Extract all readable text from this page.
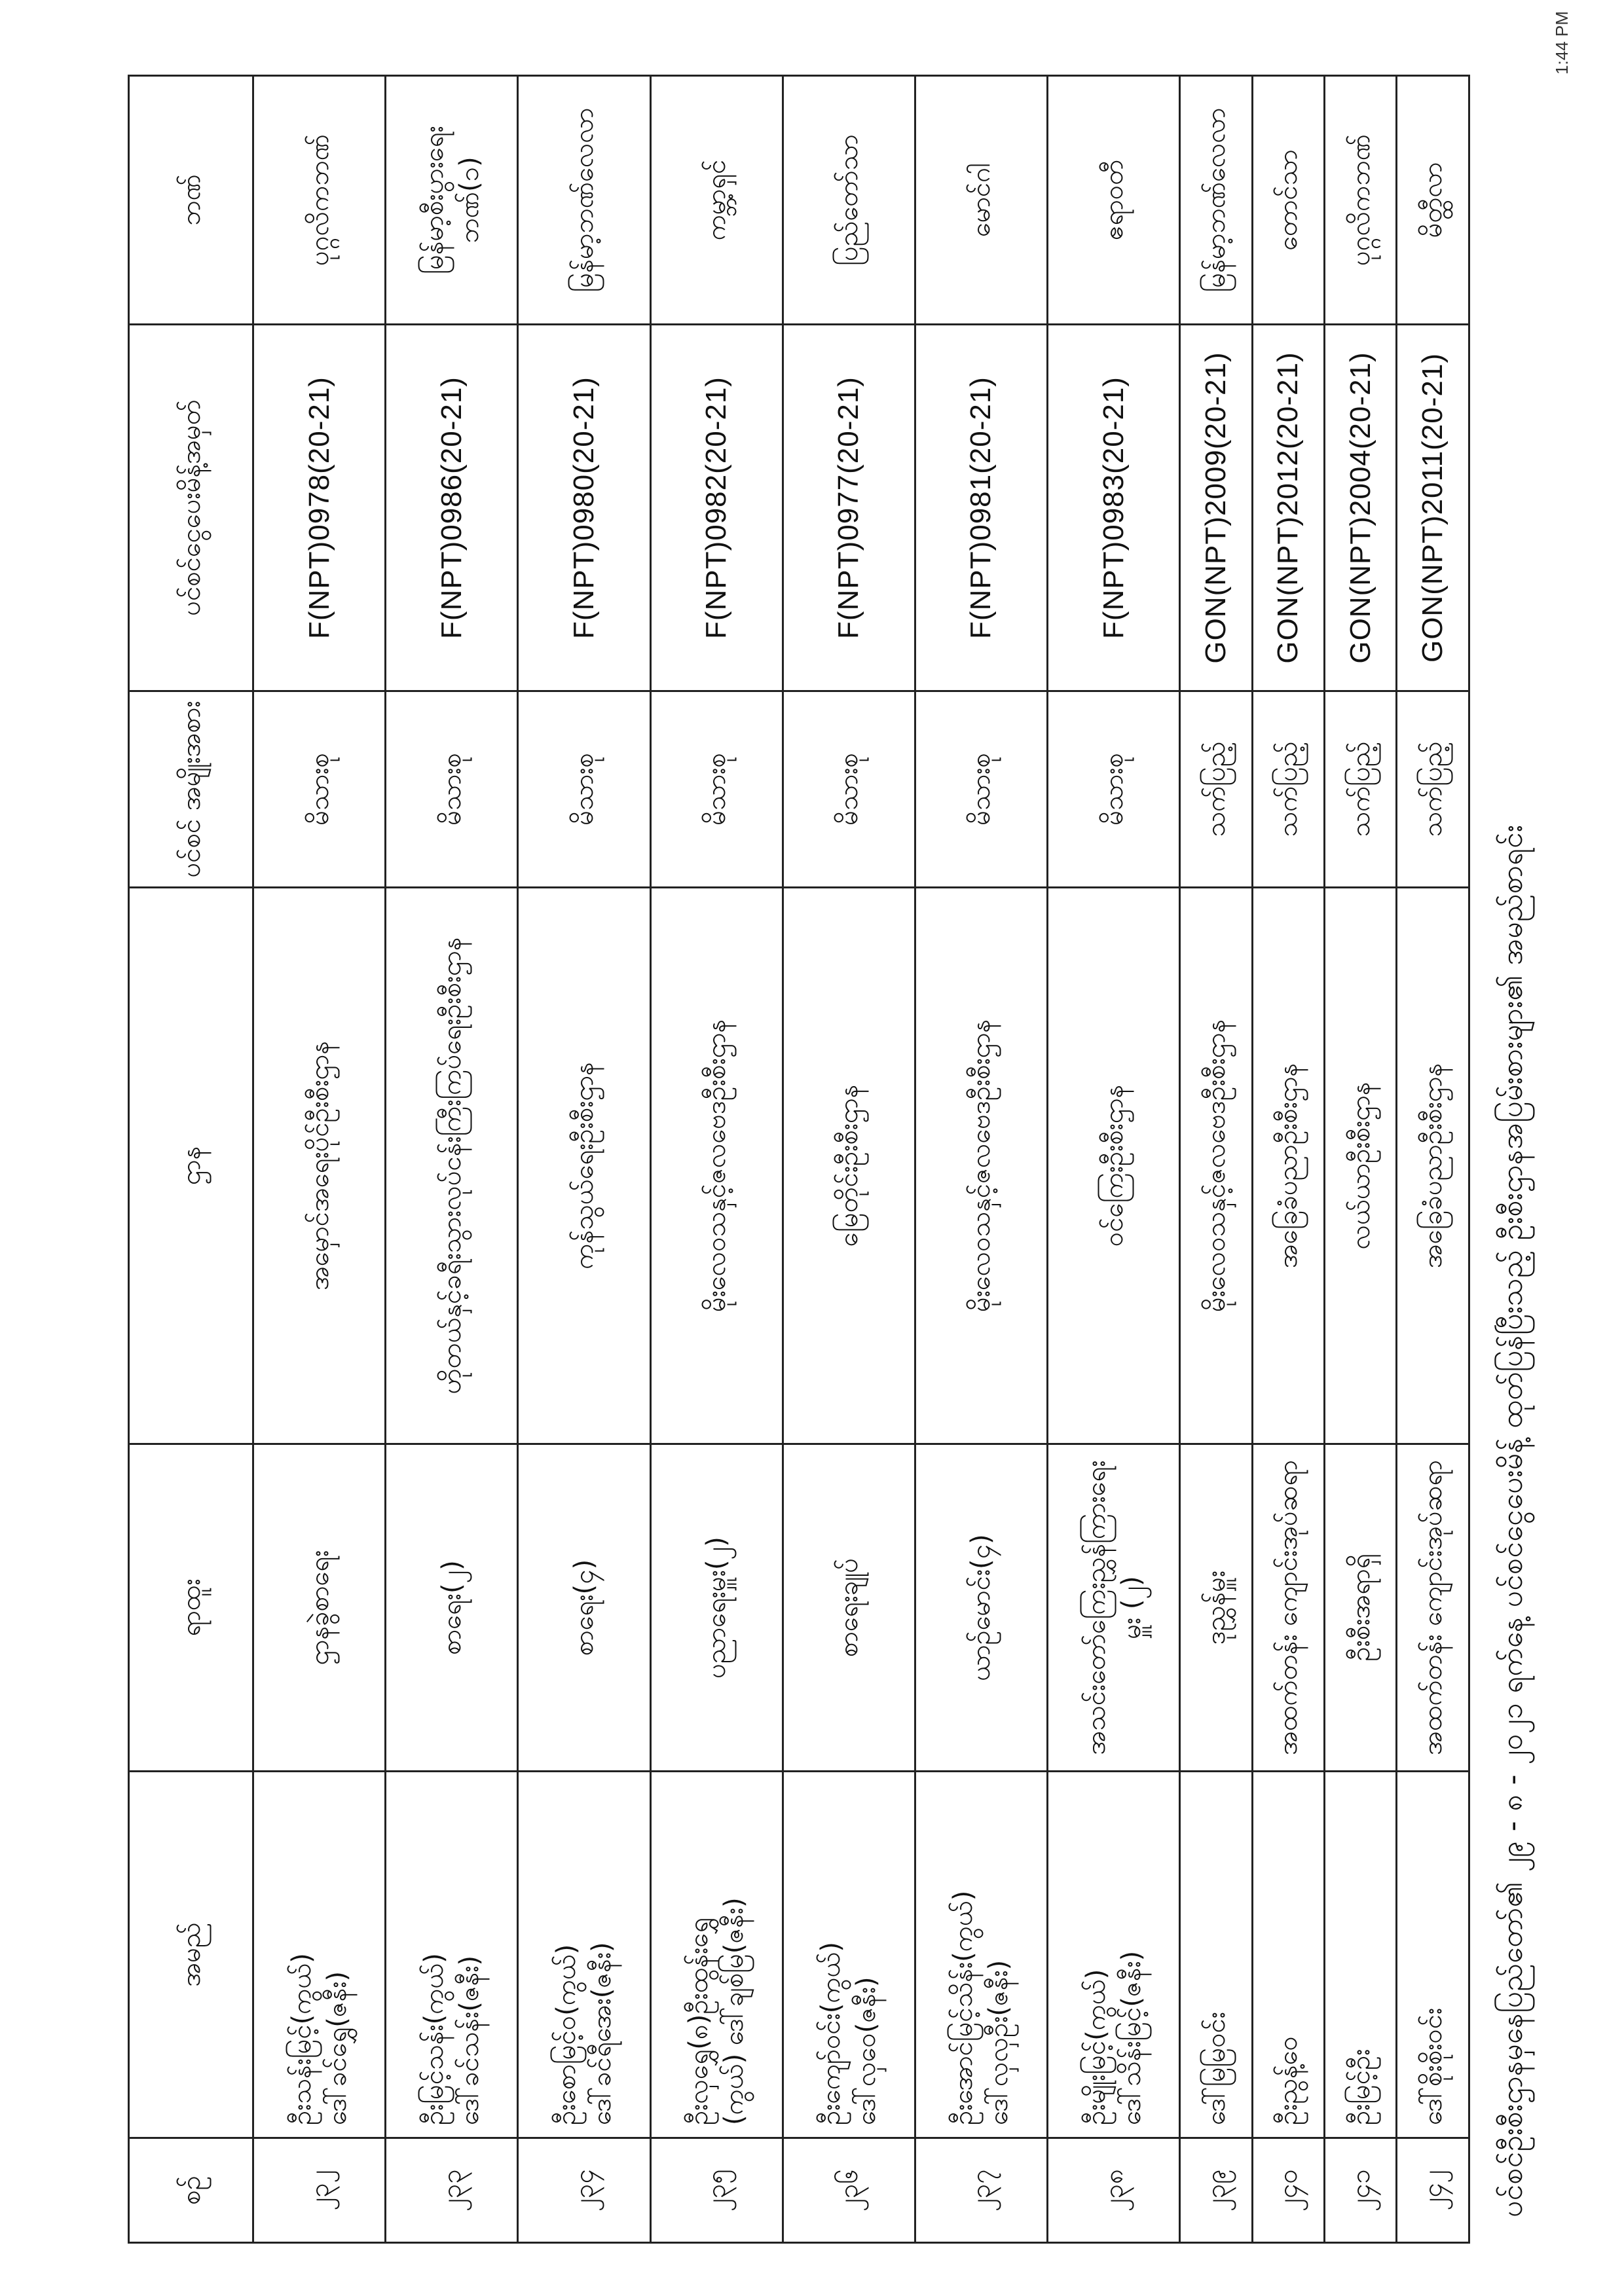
ပင်စင်ဦးစီးဌာနမှနေပြည်တော်၏ ၂၉ - ၈ - ၂၀၂၁ ရက်နေ့ ပင်စင်ငွေပေးမိန့် ထုတ်ပြန်ပြီးသည့် ဦးစီးဌာနအပြမ်းစားများ၏ အမည်စာရင်း
1:44 PM
စဉ်	အမည်	ရာထူး	ဌာန	ပင်စင် အမျိုးအစား	ပင်စင်ငွေပေးမိန့်အမှတ်	ဘဏ်
၂၃၂	ဦးသန်းမြင့်(ကွယ်) ဒေါ်ခင်ရွှေ(ဇနီး)	ဌာနခွဲစာရေး	အမှောင်အရေးပိုင်ဦးစီးဌာန	မိသားစု	F(NPT)0978(20-21)	ပုဂ္ဂလိကဘဏ်
၂၃၃	ဦးမြင့်သန်း(ကွယ်) ဒေါ်ခင်သန်း(ဇနီး)	စာရေး(၂)	ဟိုတယ်နှင့်ခရီးသွားလုပ်ငန်းကြီးကြပ်ရေးဦးစီးဌာန	မိသားစု	F(NPT)0986(20-21)	မြန်မာ့စီးပွားရေးဘဏ်(၁)
၂၃၄	ဦးစောမြင့်ဝ(ကွယ်) ဒေါ်ခင်ရီအေး(ဇနီး)	စာရေး(၄)	ကုန်သွယ်ရေးဦးစီးဌာန	မိသားစု	F(NPT)0980(20-21)	မြန်မာ့ဘဏ်လေလာ
၂၃၅	ဦးလှရွှေ(၈)ဦးထွန်းရွှေ (ကွယ်) ဒေါ်ချစ်မြ(ဇနီး)	ပညာရေးမှူး(၂)	မိုးလေဝသနှင့်ဇလဗေဒဦးစီးဌာန	မိသားစု	F(NPT)0982(20-21)	ကမ္ဘာ့ရှင်
၂၃၆	ဦးကျော်ဝင်း(ကွယ်) ဒေါ်လှဝေ(ဇနီး)	စာရေးချုပ်	မြေတိုင်းဦးစီးဌာန	မိသားစု	F(NPT)0977(20-21)	ပြည်တော်သာ
၂၃၇	ဦးအောင်မြင့်သိန်း(ကွယ်) ဒေါ်လှလှဦး(ဇနီး)	ယာဉ်မောင်း(၄)	မိုးလေဝသနှင့်ဇလဗေဒဦးစီးဌာန	မိသားစု	F(NPT)0981(20-21)	မောင်ဂါ
၂၃၈	ဦးမျိုးမြင့်(ကွယ်) ဒေါ်သိန်းမြင့်(ဇနီး)	အသင်းတော်ကြေးညွှန်ကြားရေးမှူး (၂)	ဝင်ကြေးဦးစီးဌာန	မိသားစု	F(NPT)0983(20-21)	ဧရာဝတီ
၂၃၉	ဒေါ်မြမြဝင်း	ဒုညွှန်မှူး	မိုးလေဝသနှင့်ဇလဗေဒဦးစီးဌာန	သက်ပြည့်	GON(NPT)2009(20-21)	မြန်မာ့ဘဏ်လေလာ
၂၄၀	ဦးညွန့်ဝေ	အထက်တန်း ကျောင်းအုပ်ဆရာ	အခြေခံပညာဦးစီးဌာန	သက်ပြည့်	GON(NPT)2012(20-21)	တောင်သာ
၂၄၁	ဦးမြင့်ဦး	ဦးစီးအရာရှိ	လယ်ယာဦးစီးဌာန	သက်ပြည့်	GON(NPT)2004(20-21)	ပုဂ္ဂလိကဘဏ်
၂၄၂	ဒေါ်စိုးစိုးဝင်း	အထက်တန်း ကျောင်းအုပ်ဆရာ	အခြေခံပညာဦးစီးဌာန	သက်ပြည့်	GON(NPT)2011(20-21)	မိတ္ထီလာ
